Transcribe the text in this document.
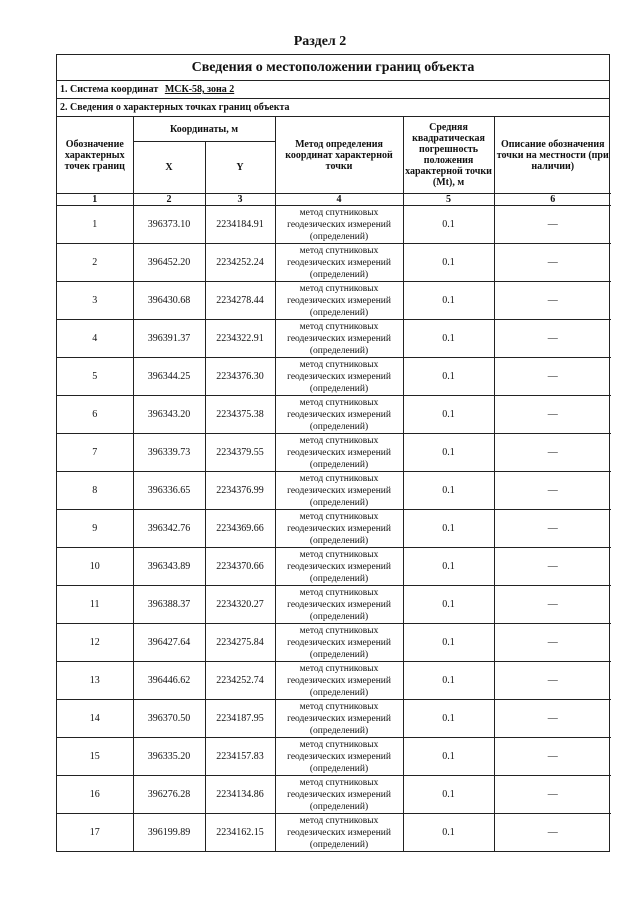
Раздел 2
Сведения о местоположении границ объекта
1. Система координат МСК-58, зона 2
2. Сведения о характерных точках границ объекта
Обозначение характерных точек границ	Координаты, м		Метод определения координат характерной точки	Средняя квадратическая погрешность положения характерной точки (Mt), м	Описание обозначения точки на местности (при наличии)
	X	Y			
1	2	3	4	5	6
1	396373.10	2234184.91	метод спутниковых геодезических измерений (определений)	0.1	—
2	396452.20	2234252.24	метод спутниковых геодезических измерений (определений)	0.1	—
3	396430.68	2234278.44	метод спутниковых геодезических измерений (определений)	0.1	—
4	396391.37	2234322.91	метод спутниковых геодезических измерений (определений)	0.1	—
5	396344.25	2234376.30	метод спутниковых геодезических измерений (определений)	0.1	—
6	396343.20	2234375.38	метод спутниковых геодезических измерений (определений)	0.1	—
7	396339.73	2234379.55	метод спутниковых геодезических измерений (определений)	0.1	—
8	396336.65	2234376.99	метод спутниковых геодезических измерений (определений)	0.1	—
9	396342.76	2234369.66	метод спутниковых геодезических измерений (определений)	0.1	—
10	396343.89	2234370.66	метод спутниковых геодезических измерений (определений)	0.1	—
11	396388.37	2234320.27	метод спутниковых геодезических измерений (определений)	0.1	—
12	396427.64	2234275.84	метод спутниковых геодезических измерений (определений)	0.1	—
13	396446.62	2234252.74	метод спутниковых геодезических измерений (определений)	0.1	—
14	396370.50	2234187.95	метод спутниковых геодезических измерений (определений)	0.1	—
15	396335.20	2234157.83	метод спутниковых геодезических измерений (определений)	0.1	—
16	396276.28	2234134.86	метод спутниковых геодезических измерений (определений)	0.1	—
17	396199.89	2234162.15	метод спутниковых геодезических измерений (определений)	0.1	—
